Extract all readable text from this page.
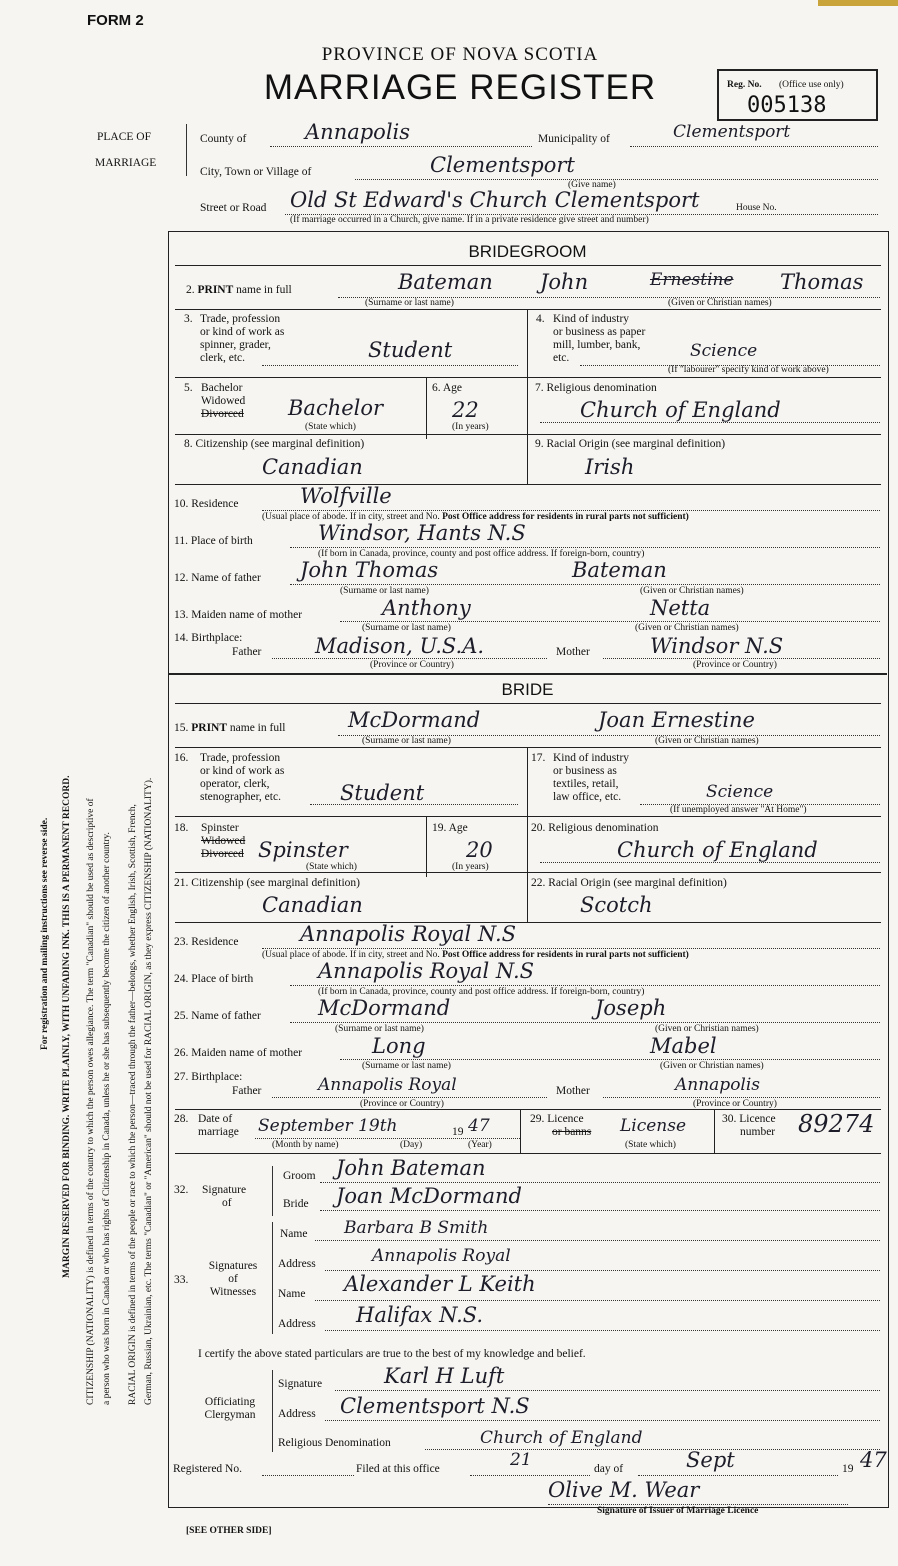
FORM 2
PROVINCE OF NOVA SCOTIA
MARRIAGE REGISTER	Reg. No. (Office use only)
005138
PLACE OF
MARRIAGE
County of	Annapolis	Municipality of	Clementsport
City, Town or Village of	Clementsport
(Give name)
Street or Road Old St Edward's Church Clementsport	House No.
(If marriage occurred in a Church, give name. If in a private residence give street and number)
For registration and mailing instructions see reverse side. MARGIN RESERVED FOR BINDING. WRITE PLAINLY, WITH UNFADING INK. THIS IS A PERMANENT RECORD. CITIZENSHIP (NATIONALITY) is defined in terms of the country to which the person owes allegiance. The term "Canadian" should be used as descriptive of a person who was born in Canada or who has rights of Citizenship in Canada, unless he or she has subsequently become the citizen of another country. RACIAL ORIGIN is defined in terms of the people or race to which the person—traced through the father—belongs, whether English, Irish, Scottish, French, German, Russian, Ukrainian, etc. The terms "Canadian" or "American" should not be used for RACIAL ORIGIN, as they express CITIZENSHIP (NATIONALITY).
BRIDEGROOM
2. PRINT name in full	Bateman John	Ernestine Thomas
(Surname or last name)	(Given or Christian names)
3. Trade, profession
or kind of work as
spinner, grader,
clerk, etc.	Student
4. Kind of industry
or business as paper
mill, lumber, bank,
etc.	Science
(If "labourer" specify kind of work above)
5. Bachelor
Widowed
Divorced Bachelor
(State which)
6. Age
22
(In years)
7. Religious denomination
Church of England
8. Citizenship (see marginal definition)
Canadian
9. Racial Origin (see marginal definition)
Irish
10. Residence	Wolfville
(Usual place of abode. If in city, street and No. Post Office address for residents in rural parts not sufficient)
11. Place of birth	Windsor, Hants N.S
(If born in Canada, province, county and post office address. If foreign-born, country)
12. Name of father John Thomas	Bateman
(Surname or last name)	(Given or Christian names)
13. Maiden name of mother	Anthony	Netta
(Surname or last name)	(Given or Christian names)
14. Birthplace:
Father	Madison, U.S.A.
(Province or Country)
Mother	Windsor N.S
(Province or Country)
BRIDE
15. PRINT name in full	McDormand	Joan Ernestine
(Surname or last name)	(Given or Christian names)
16. Trade, profession
or kind of work as
operator, clerk,
stenographer, etc.	Student
17. Kind of industry
or business as
textiles, retail,
law office, etc.	Science
(If unemployed answer "At Home")
18. Spinster
Widowed
Divorced Spinster
(State which)
19. Age
20
(In years)
20. Religious denomination
Church of England
21. Citizenship (see marginal definition)
Canadian
22. Racial Origin (see marginal definition)
Scotch
23. Residence	Annapolis Royal N.S
(Usual place of abode. If in city, street and No. Post Office address for residents in rural parts not sufficient)
24. Place of birth	Annapolis Royal N.S
(If born in Canada, province, county and post office address. If foreign-born, country)
25. Name of father	McDormand	Joseph
(Surname or last name)	(Given or Christian names)
26. Maiden name of mother	Long	Mabel
(Surname or last name)	(Given or Christian names)
27. Birthplace:
Father	Annapolis Royal
(Province or Country)
Mother	Annapolis
(Province or Country)
28. Date of
marriage September 19th	19 47
(Month by name)	(Day)	(Year)
29. Licence
or banns License
(State which)
30. Licence
number 89274
32. Signature
of
Groom John Bateman
Bride Joan McDormand
33.
Signatures
of
Witnesses
Name Barbara B Smith
Address	Annapolis Royal
Name Alexander L Keith
Address Halifax N.S.
I certify the above stated particulars are true to the best of my knowledge and belief.
Officiating
Clergyman
Signature	Karl H Luft
Address Clementsport N.S
Religious Denomination	Church of England
Registered No.	Filed at this office	21	day of	Sept	19 47
Olive M. Wear
Signature of Issuer of Marriage Licence
[SEE OTHER SIDE]
